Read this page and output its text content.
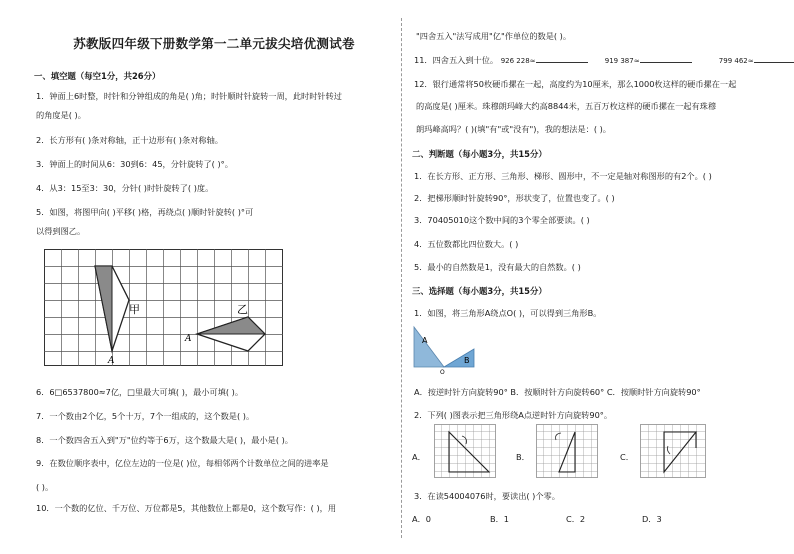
苏教版四年级下册数学第一二单元拔尖培优测试卷
一、填空题（每空1分，共26分）
1．钟面上6时整，时针和分钟组成的角是( )角；时针顺时针旋转一周，此时时针转过
的角度是( )。
2．长方形有( )条对称轴，正十边形有( )条对称轴。
3．钟面上的时间从6：30到6：45，分针旋转了( )°。
4．从3：15至3：30，分针( )时针旋转了( )度。
5．如图，将图甲向( )平移( )格，再绕点( )顺时针旋转( )°可
以得到图乙。
甲	乙
A
A
6．6□6537800≈7亿，□里最大可填( )，最小可填( )。
7．一个数由2个亿，5个十万，7个一组成的，这个数是( )。
8．一个数四舍五入到"万"位约等于6万，这个数最大是( )，最小是( )。
9．在数位顺序表中，亿位左边的一位是( )位，每相邻两个计数单位之间的进率是
( )。
10．一个数的亿位、千万位、万位都是5，其他数位上都是0，这个数写作：( )，用
"四舍五入"法写成用"亿"作单位的数是( )。
11．四舍五入到十位。 926 228≈	919 387≈	799 462≈
12．银行通常将50枚硬币摞在一起，高度约为10厘米，那么1000枚这样的硬币摞在一起
的高度是( )厘米。珠穆朗玛峰大约高8844米，五百万枚这样的硬币摞在一起有珠穆
朗玛峰高吗？( )(填"有"或"没有")，我的想法是：( )。
二、判断题（每小题3分，共15分）
1．在长方形、正方形、三角形、梯形、圆形中，不一定是轴对称图形的有2个。( )
2．把梯形顺时针旋转90°，形状变了，位置也变了。( )
3．70405010这个数中间的3个零全部要读。( )
4．五位数都比四位数大。( )
5．最小的自然数是1，没有最大的自然数。( )
三、选择题（每小题3分，共15分）
1．如图，将三角形A绕点O( )，可以得到三角形B。
A
B
O
A．按逆时针方向旋转90° B．按顺时针方向旋转60° C．按顺时针方向旋转90°
2．下列( )图表示把三角形绕A点逆时针方向旋转90°。
A．	B．	C．
3．在读54004076时，要读出( )个零。
A．0	B．1	C．2	D．3
